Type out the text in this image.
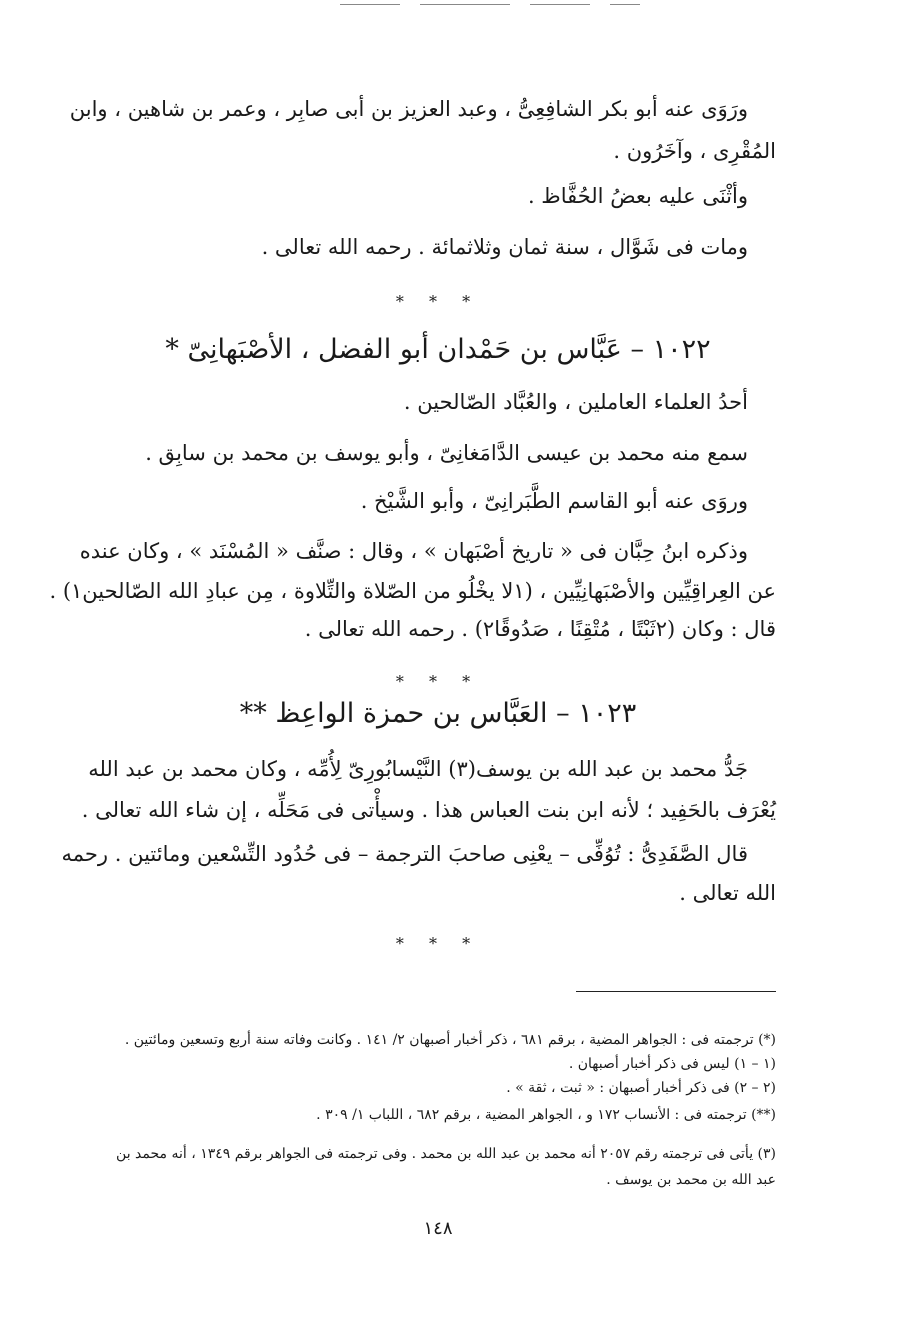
ورَوَى عنه أبو بكر الشافِعِىُّ ، وعبد العزيز بن أبى صابِر ، وعمر بن شاهين ، وابن
المُقْرِى ، وآخَرُون .
وأثْنَى عليه بعضُ الحُفَّاظ .
ومات فى شَوَّال ، سنة ثمان وثلاثمائة . رحمه الله تعالى .
* * *
١٠٢٢ – عَبَّاس بن حَمْدان أبو الفضل ، الأصْبَهانِىّ *
أحدُ العلماء العاملين ، والعُبَّاد الصّالحين .
سمع منه محمد بن عيسى الدَّامَغانِىّ ، وأبو يوسف بن محمد بن سابِق .
وروَى عنه أبو القاسم الطَّبَرانِىّ ، وأبو الشَّيْخ .
وذكره ابنُ حِبَّان فى « تاريخ أصْبَهان » ، وقال : صنَّف « المُسْنَد » ، وكان عنده
عن العِراقِيِّين والأصْبَهانِيِّين ، (١لا يخْلُو من الصّلاة والتِّلاوة ، مِن عبادِ الله الصّالحين١) .
قال : وكان (٢ثَبْتًا ، مُتْقِنًا ، صَدُوقًا٢) . رحمه الله تعالى .
* * *
١٠٢٣ – العَبَّاس بن حمزة الواعِظ **
جَدُّ محمد بن عبد الله بن يوسف(٣) النَّيْسابُورِىّ لِأُمِّه ، وكان محمد بن عبد الله
يُعْرَف بالحَفِيد ؛ لأنه ابن بنت العباس هذا . وسيأْتى فى مَحَلِّه ، إن شاء الله تعالى .
قال الصَّفَدِىُّ : تُوُفِّى – يعْنِى صاحبَ الترجمة – فى حُدُود التِّسْعين ومائتين . رحمه
الله تعالى .
* * *
(*) ترجمته فى : الجواهر المضية ، برقم ٦٨١ ، ذكر أخبار أصبهان ٢/ ١٤١ . وكانت وفاته سنة أربع وتسعين ومائتين .
(١ – ١) ليس فى ذكر أخبار أصبهان .
(٢ – ٢) فى ذكر أخبار أصبهان : « ثبت ، ثقة » .
(**) ترجمته فى : الأنساب ١٧٢ و ، الجواهر المضية ، برقم ٦٨٢ ، اللباب ١/ ٣٠٩ .
(٣) يأتى فى ترجمته رقم ٢٠٥٧ أنه محمد بن عبد الله بن محمد . وفى ترجمته فى الجواهر برقم ١٣٤٩ ، أنه محمد بن
عبد الله بن محمد بن يوسف .
١٤٨
